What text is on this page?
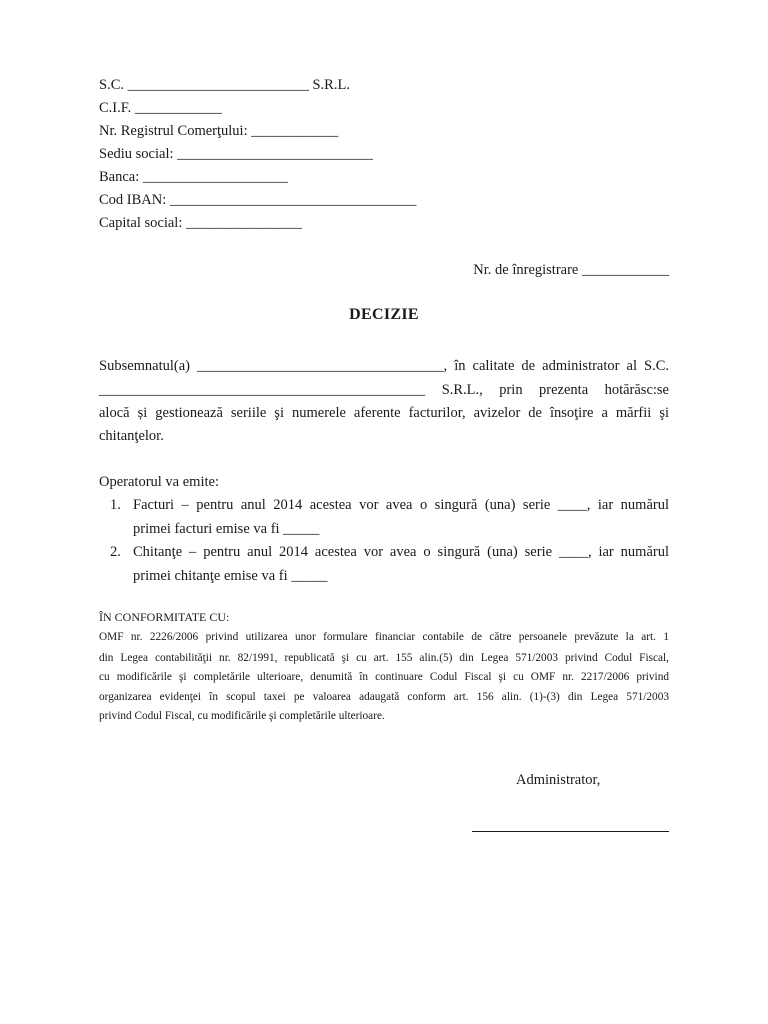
S.C. _________________________ S.R.L.
C.I.F. ____________
Nr. Registrul Comerţului: ____________
Sediu social: ___________________________
Banca: ____________________
Cod IBAN: __________________________________
Capital social: ________________
Nr. de înregistrare ____________
DECIZIE
Subsemnatul(a) __________________________________, în calitate de administrator al S.C.
_____________________________________________ S.R.L., prin prezenta hotărăsc:se
alocă și gestionează seriile şi numerele aferente facturilor, avizelor de însoţire a mărfii şi
chitanţelor.
Operatorul va emite:
1. Facturi – pentru anul 2014 acestea vor avea o singură (una) serie ____, iar numărul
primei facturi emise va fi _____
2. Chitanţe – pentru anul 2014 acestea vor avea o singură (una) serie ____, iar numărul
primei chitanţe emise va fi _____
ÎN CONFORMITATE CU:
OMF nr. 2226/2006 privind utilizarea unor formulare financiar contabile de către persoanele prevăzute la art. 1
din Legea contabilităţii nr. 82/1991, republicată şi cu art. 155 alin.(5) din Legea 571/2003 privind Codul Fiscal,
cu modificările şi completările ulterioare, denumită în continuare Codul Fiscal şi cu OMF nr. 2217/2006 privind
organizarea evidenţei în scopul taxei pe valoarea adaugată conform art. 156 alin. (1)-(3) din Legea 571/2003
privind Codul Fiscal, cu modificările şi completările ulterioare.
Administrator,
